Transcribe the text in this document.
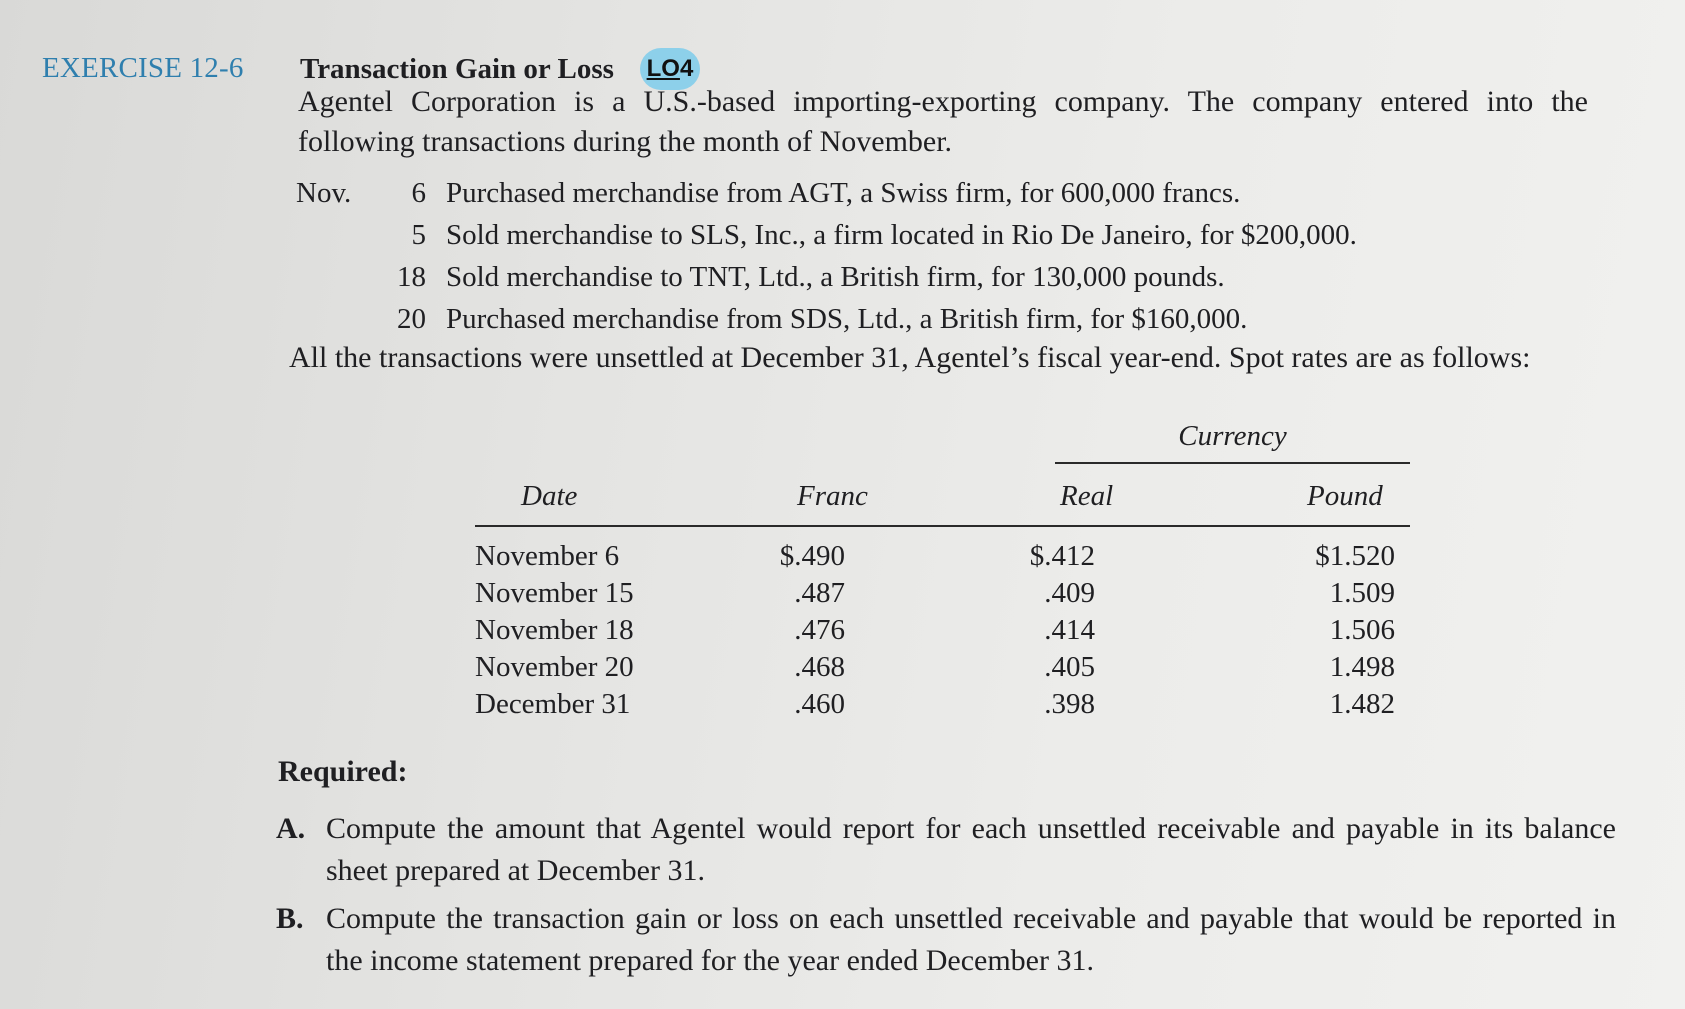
EXERCISE 12-6 Transaction Gain or Loss LO 4
Agentel Corporation is a U.S.-based importing-exporting company. The company entered into the following transactions during the month of November.
Nov.	6 Purchased merchandise from AGT, a Swiss firm, for 600,000 francs.
5 Sold merchandise to SLS, Inc., a firm located in Rio De Janeiro, for $200,000.
18 Sold merchandise to TNT, Ltd., a British firm, for 130,000 pounds.
20 Purchased merchandise from SDS, Ltd., a British firm, for $160,000.
All the transactions were unsettled at December 31, Agentel’s fiscal year-end. Spot rates are as follows:
Currency
Date	Franc	Real	Pound
November 6	$.490	$.412	$1.520
November 15	.487	.409	1.509
November 18	.476	.414	1.506
November 20	.468	.405	1.498
December 31	.460	.398	1.482
Required:
A. Compute the amount that Agentel would report for each unsettled receivable and payable in its balance sheet prepared at December 31.
B. Compute the transaction gain or loss on each unsettled receivable and payable that would be reported in the income statement prepared for the year ended December 31.
